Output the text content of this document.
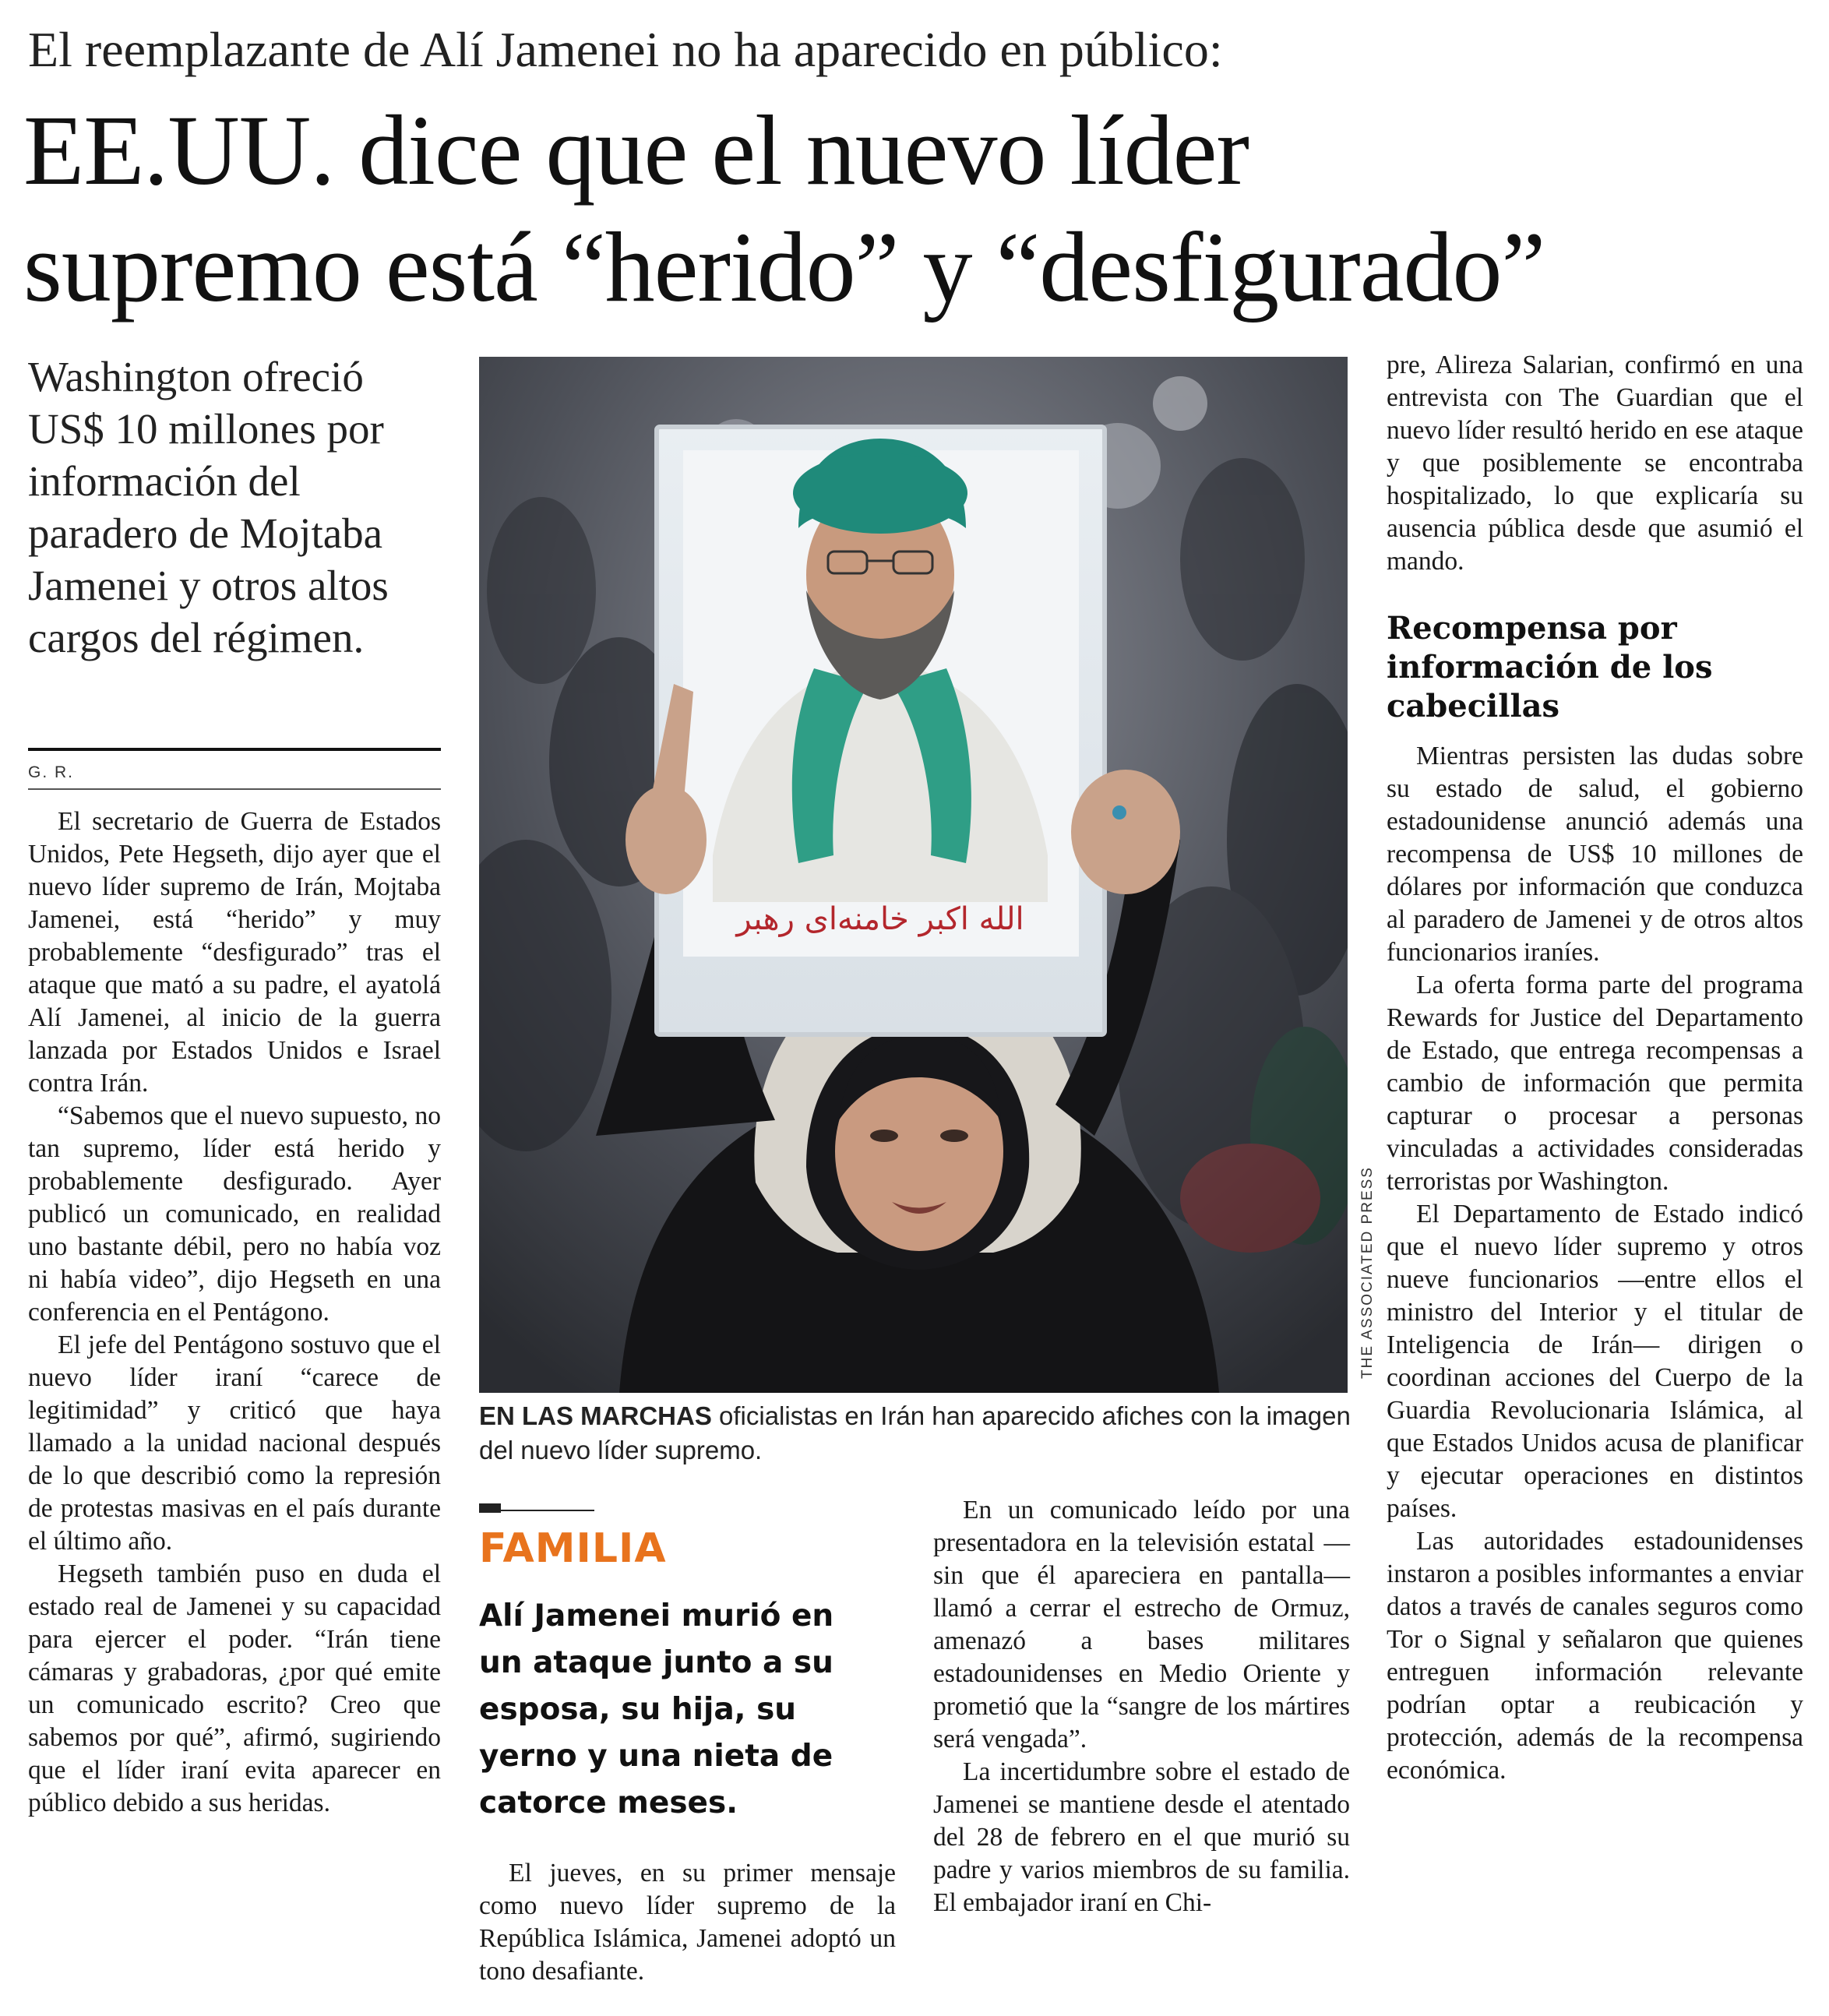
El reemplazante de Alí Jamenei no ha aparecido en público:
EE.UU. dice que el nuevo líder
supremo está “herido” y “desfigurado”
Washington ofreció US$ 10 millones por información del paradero de Mojtaba Jamenei y otros altos cargos del régimen.
G. R.

El secretario de Guerra de Estados Unidos, Pete Hegseth, dijo ayer que el nuevo líder supremo de Irán, Mojtaba Jamenei, está “herido” y muy probablemente “desfigurado” tras el ataque que mató a su padre, el ayatolá Alí Jamenei, al inicio de la guerra lanzada por Estados Unidos e Israel contra Irán.

“Sabemos que el nuevo supuesto, no tan supremo, líder está herido y probablemente desfigurado. Ayer publicó un comunicado, en realidad uno bastante débil, pero no había voz ni había video”, dijo Hegseth en una conferencia en el Pentágono.

El jefe del Pentágono sostuvo que el nuevo líder iraní “carece de legitimidad” y criticó que haya llamado a la unidad nacional después de lo que describió como la represión de protestas masivas en el país durante el último año.

Hegseth también puso en duda el estado real de Jamenei y su capacidad para ejercer el poder. “Irán tiene cámaras y grabadoras, ¿por qué emite un comunicado escrito? Creo que sabemos por qué”, afirmó, sugiriendo que el líder iraní evita aparecer en público debido a sus heridas.

الله اکبر خامنه‌ای رهبر
THE ASSOCIATED PRESS
EN LAS MARCHAS oficialistas en Irán han aparecido afiches con la imagen del nuevo líder supremo.
FAMILIA
Alí Jamenei murió en un ataque junto a su esposa, su hija, su yerno y una nieta de catorce meses.

El jueves, en su primer mensaje como nuevo líder supremo de la República Islámica, Jamenei adoptó un tono desafiante.

En un comunicado leído por una presentadora en la televisión estatal —sin que él apareciera en pantalla— llamó a cerrar el estrecho de Ormuz, amenazó a bases militares estadounidenses en Medio Oriente y prometió que la “sangre de los mártires será vengada”.

La incertidumbre sobre el estado de Jamenei se mantiene desde el atentado del 28 de febrero en el que murió su padre y varios miembros de su familia. El embajador iraní en Chi-

pre, Alireza Salarian, confirmó en una entrevista con The Guardian que el nuevo líder resultó herido en ese ataque y que posiblemente se encontraba hospitalizado, lo que explicaría su ausencia pública desde que asumió el mando.

Recompensa por información de los cabecillas

Mientras persisten las dudas sobre su estado de salud, el gobierno estadounidense anunció además una recompensa de US$ 10 millones de dólares por información que conduzca al paradero de Jamenei y de otros altos funcionarios iraníes.

La oferta forma parte del programa Rewards for Justice del Departamento de Estado, que entrega recompensas a cambio de información que permita capturar o procesar a personas vinculadas a actividades consideradas terroristas por Washington.

El Departamento de Estado indicó que el nuevo líder supremo y otros nueve funcionarios —entre ellos el ministro del Interior y el titular de Inteligencia de Irán— dirigen o coordinan acciones del Cuerpo de la Guardia Revolucionaria Islámica, al que Estados Unidos acusa de planificar y ejecutar operaciones en distintos países.

Las autoridades estadounidenses instaron a posibles informantes a enviar datos a través de canales seguros como Tor o Signal y señalaron que quienes entreguen información relevante podrían optar a reubicación y protección, además de la recompensa económica.
